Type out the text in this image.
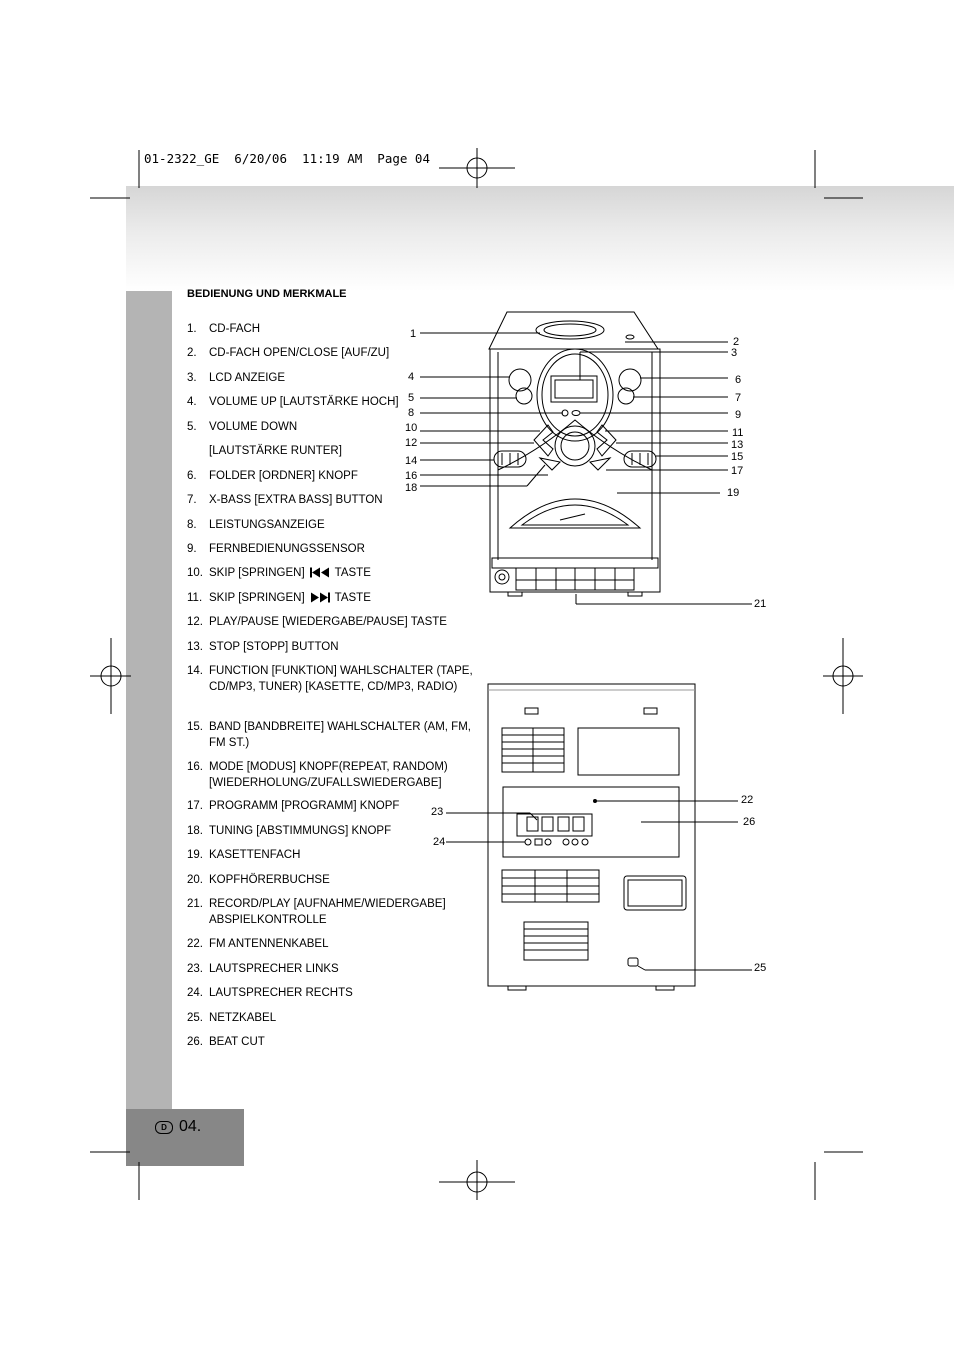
01-2322_GE  6/20/06  11:19 AM  Page 04
D 04.
BEDIENUNG UND MERKMALE
1.	CD-FACH
2.	CD-FACH OPEN/CLOSE [AUF/ZU]
3.	LCD ANZEIGE
4.	VOLUME UP [LAUTSTÄRKE HOCH]
5.	VOLUME DOWN
[LAUTSTÄRKE RUNTER]
6.	FOLDER [ORDNER] KNOPF
7.	X-BASS [EXTRA BASS] BUTTON
8.	LEISTUNGSANZEIGE
9.	FERNBEDIENUNGSSENSOR
10. SKIP [SPRINGEN]	TASTE
11. SKIP [SPRINGEN]	TASTE
12. PLAY/PAUSE [WIEDERGABE/PAUSE] TASTE
13. STOP [STOPP] BUTTON
14. FUNCTION [FUNKTION] WAHLSCHALTER (TAPE, CD/MP3, TUNER) [KASETTE, CD/MP3, RADIO)
15. BAND [BANDBREITE] WAHLSCHALTER (AM, FM, FM ST.)
16. MODE [MODUS] KNOPF(REPEAT, RANDOM) [WIEDERHOLUNG/ZUFALLSWIEDERGABE]
17. PROGRAMM [PROGRAMM] KNOPF
18. TUNING [ABSTIMMUNGS] KNOPF
19. KASETTENFACH
20. KOPFHÖRERBUCHSE
21. RECORD/PLAY [AUFNAHME/WIEDERGABE] ABSPIELKONTROLLE
22. FM ANTENNENKABEL
23. LAUTSPRECHER LINKS
24. LAUTSPRECHER RECHTS
25. NETZKABEL
26. BEAT CUT
1
2
3
4
5
6
7
8	9
10	11
12	13
14	15
16	17
18	19
21
22
23
24
25
26
